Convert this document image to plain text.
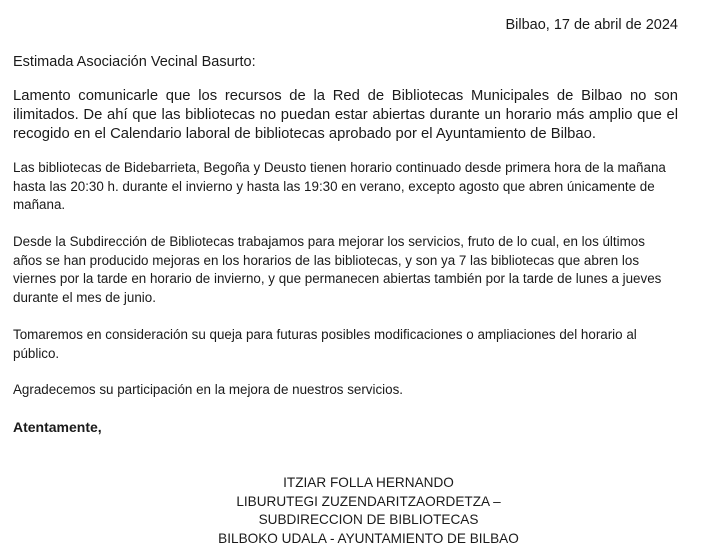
Bilbao, 17 de abril de 2024
Estimada Asociación Vecinal Basurto:

Lamento comunicarle que los recursos de la Red de Bibliotecas Municipales de Bilbao no son ilimitados. De ahí que las bibliotecas no puedan estar abiertas durante un horario más amplio que el recogido en el Calendario laboral de bibliotecas aprobado por el Ayuntamiento de Bilbao.

Las bibliotecas de Bidebarrieta, Begoña y Deusto tienen horario continuado desde primera hora de la mañana hasta las 20:30 h. durante el invierno y hasta las 19:30 en verano, excepto agosto que abren únicamente de mañana.

Desde la Subdirección de Bibliotecas trabajamos para mejorar los servicios, fruto de lo cual, en los últimos años se han producido mejoras en los horarios de las bibliotecas, y son ya 7 las bibliotecas que abren los viernes por la tarde en horario de invierno, y que permanecen abiertas también por la tarde de lunes a jueves durante el mes de junio.

Tomaremos en consideración su queja para futuras posibles modificaciones o ampliaciones del horario al público.

Agradecemos su participación en la mejora de nuestros servicios.

Atentamente,
ITZIAR FOLLA HERNANDO
LIBURUTEGI ZUZENDARITZAORDETZA –
SUBDIRECCION DE BIBLIOTECAS
BILBOKO UDALA - AYUNTAMIENTO DE BILBAO
